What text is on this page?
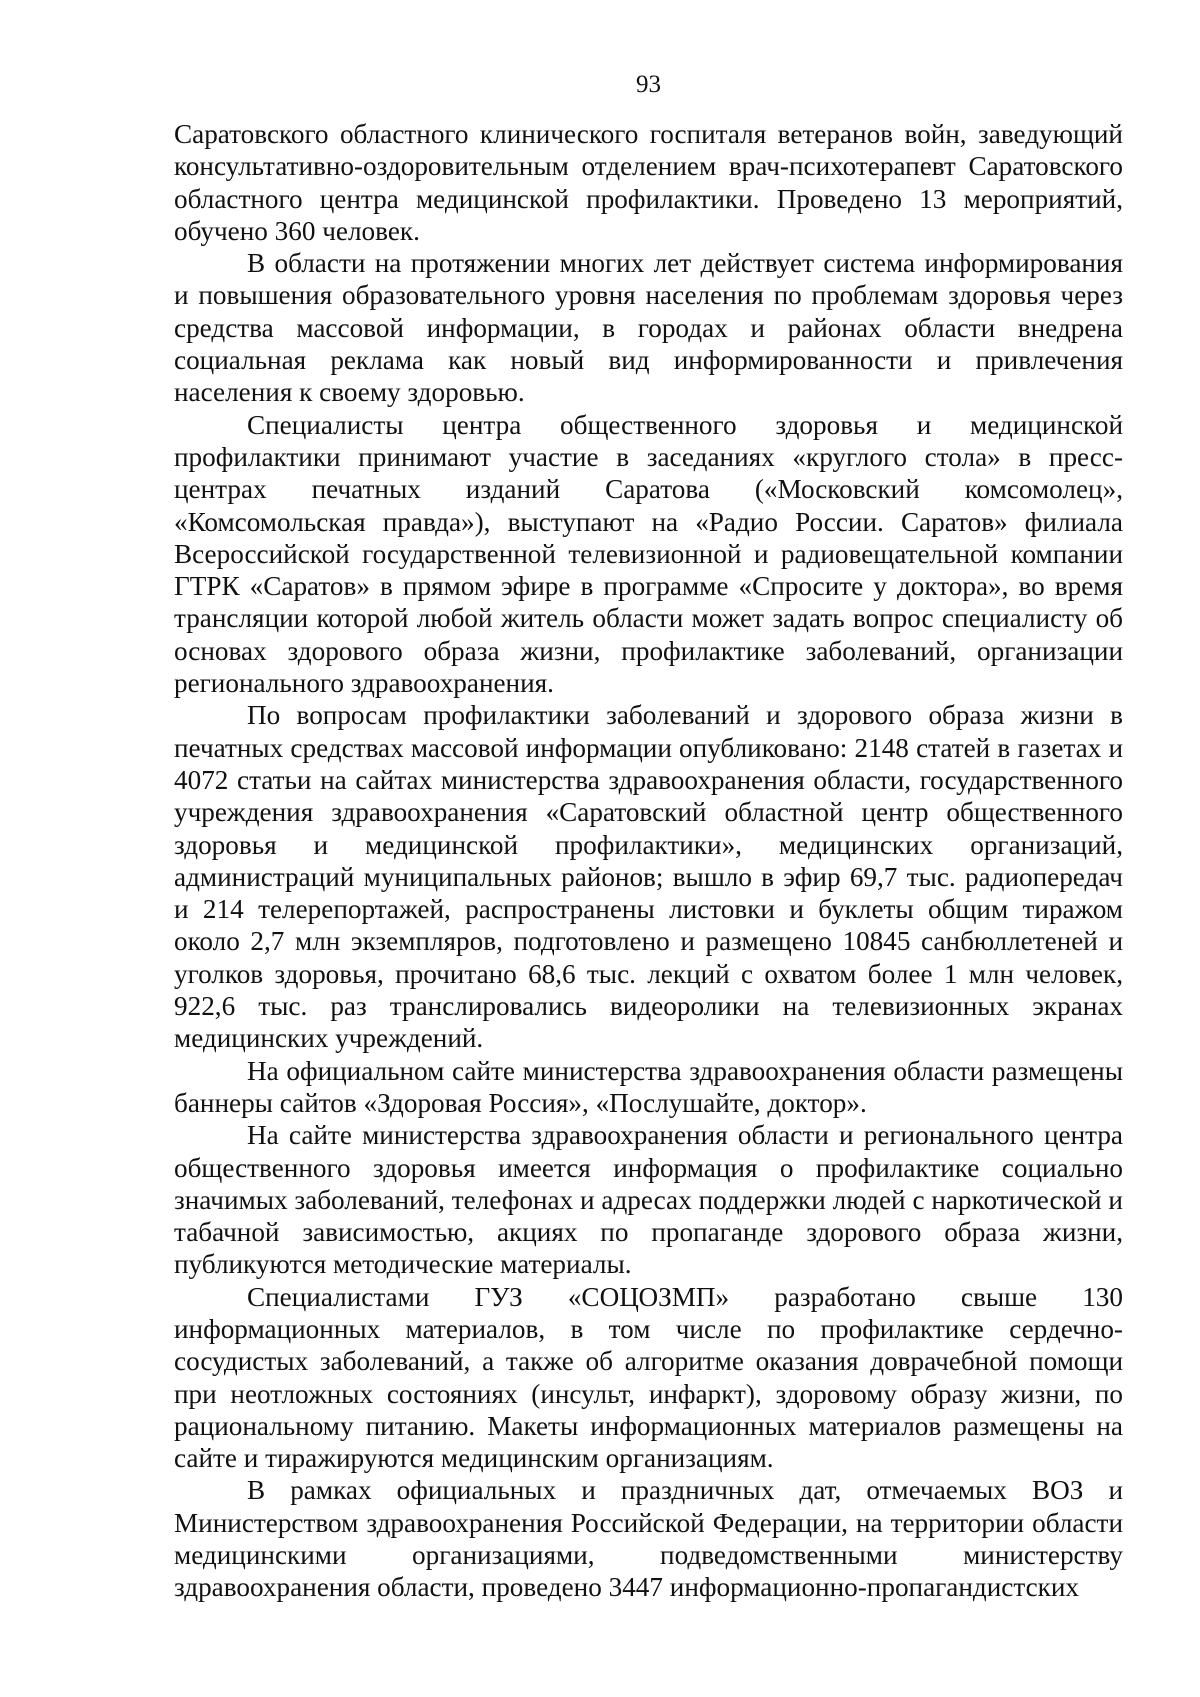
93

Саратовского областного клинического госпиталя ветеранов войн, заведующий консультативно-оздоровительным отделением врач-психотерапевт Саратовского областного центра медицинской профилактики. Проведено 13 мероприятий, обучено 360 человек.

В области на протяжении многих лет действует система информирования и повышения образовательного уровня населения по проблемам здоровья через средства массовой информации, в городах и районах области внедрена социальная реклама как новый вид информированности и привлечения населения к своему здоровью.

Специалисты центра общественного здоровья и медицинской профилактики принимают участие в заседаниях «круглого стола» в пресс-центрах печатных изданий Саратова («Московский комсомолец», «Комсомольская правда»), выступают на «Радио России. Саратов» филиала Всероссийской государственной телевизионной и радиовещательной компании ГТРК «Саратов» в прямом эфире в программе «Спросите у доктора», во время трансляции которой любой житель области может задать вопрос специалисту об основах здорового образа жизни, профилактике заболеваний, организации регионального здравоохранения.

По вопросам профилактики заболеваний и здорового образа жизни в печатных средствах массовой информации опубликовано: 2148 статей в газетах и 4072 статьи на сайтах министерства здравоохранения области, государственного учреждения здравоохранения «Саратовский областной центр общественного здоровья и медицинской профилактики», медицинских организаций, администраций муниципальных районов; вышло в эфир 69,7 тыс. радиопередач и 214 телерепортажей, распространены листовки и буклеты общим тиражом около 2,7 млн экземпляров, подготовлено и размещено 10845 санбюллетеней и уголков здоровья, прочитано 68,6 тыс. лекций с охватом более 1 млн человек, 922,6 тыс. раз транслировались видеоролики на телевизионных экранах медицинских учреждений.

На официальном сайте министерства здравоохранения области размещены баннеры сайтов «Здоровая Россия», «Послушайте, доктор».

На сайте министерства здравоохранения области и регионального центра общественного здоровья имеется информация о профилактике социально значимых заболеваний, телефонах и адресах поддержки людей с наркотической и табачной зависимостью, акциях по пропаганде здорового образа жизни, публикуются методические материалы.

Специалистами ГУЗ «СОЦОЗМП» разработано свыше 130 информационных материалов, в том числе по профилактике сердечно-сосудистых заболеваний, а также об алгоритме оказания доврачебной помощи при неотложных состояниях (инсульт, инфаркт), здоровому образу жизни, по рациональному питанию. Макеты информационных материалов размещены на сайте и тиражируются медицинским организациям.

В рамках официальных и праздничных дат, отмечаемых ВОЗ и Министерством здравоохранения Российской Федерации, на территории области медицинскими организациями, подведомственными министерству здравоохранения области, проведено 3447 информационно-пропагандистских
